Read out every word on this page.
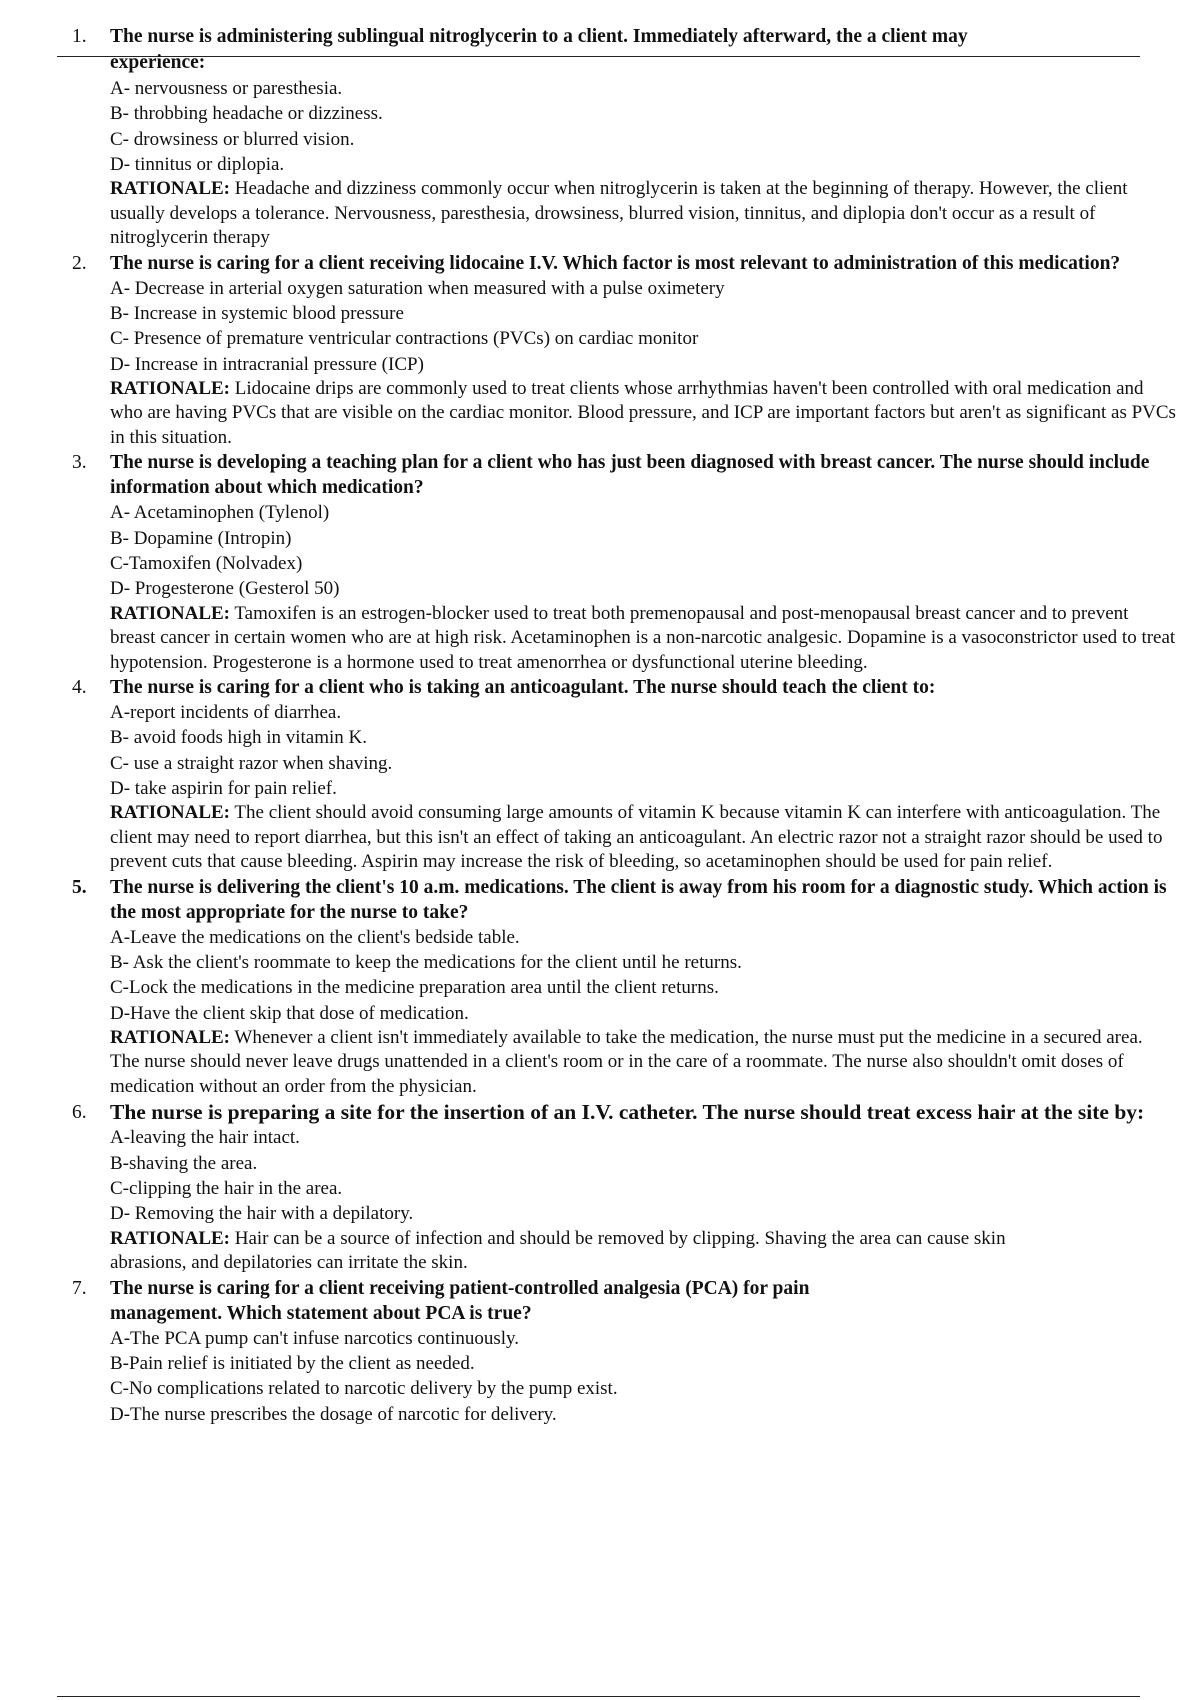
1. The nurse is administering sublingual nitroglycerin to a client. Immediately afterward, the a client may experience:
A- nervousness or paresthesia.
B- throbbing headache or dizziness.
C- drowsiness or blurred vision.
D- tinnitus or diplopia.
RATIONALE: Headache and dizziness commonly occur when nitroglycerin is taken at the beginning of therapy. However, the client usually develops a tolerance. Nervousness, paresthesia, drowsiness, blurred vision, tinnitus, and diplopia don't occur as a result of nitroglycerin therapy
2. The nurse is caring for a client receiving lidocaine I.V. Which factor is most relevant to administration of this medication?
A- Decrease in arterial oxygen saturation when measured with a pulse oximetery
B- Increase in systemic blood pressure
C- Presence of premature ventricular contractions (PVCs) on cardiac monitor
D- Increase in intracranial pressure (ICP)
RATIONALE: Lidocaine drips are commonly used to treat clients whose arrhythmias haven't been controlled with oral medication and who are having PVCs that are visible on the cardiac monitor. Blood pressure, and ICP are important factors but aren't as significant as PVCs in this situation.
3. The nurse is developing a teaching plan for a client who has just been diagnosed with breast cancer. The nurse should include information about which medication?
A- Acetaminophen (Tylenol)
B- Dopamine (Intropin)
C-Tamoxifen (Nolvadex)
D- Progesterone (Gesterol 50)
RATIONALE: Tamoxifen is an estrogen-blocker used to treat both premenopausal and post-menopausal breast cancer and to prevent breast cancer in certain women who are at high risk. Acetaminophen is a non-narcotic analgesic. Dopamine is a vasoconstrictor used to treat hypotension. Progesterone is a hormone used to treat amenorrhea or dysfunctional uterine bleeding.
4. The nurse is caring for a client who is taking an anticoagulant. The nurse should teach the client to:
A-report incidents of diarrhea.
B- avoid foods high in vitamin K.
C- use a straight razor when shaving.
D- take aspirin for pain relief.
RATIONALE: The client should avoid consuming large amounts of vitamin K because vitamin K can interfere with anticoagulation. The client may need to report diarrhea, but this isn't an effect of taking an anticoagulant. An electric razor not a straight razor should be used to prevent cuts that cause bleeding. Aspirin may increase the risk of bleeding, so acetaminophen should be used for pain relief.
5. The nurse is delivering the client's 10 a.m. medications. The client is away from his room for a diagnostic study. Which action is the most appropriate for the nurse to take?
A-Leave the medications on the client's bedside table.
B- Ask the client's roommate to keep the medications for the client until he returns.
C-Lock the medications in the medicine preparation area until the client returns.
D-Have the client skip that dose of medication.
RATIONALE: Whenever a client isn't immediately available to take the medication, the nurse must put the medicine in a secured area. The nurse should never leave drugs unattended in a client's room or in the care of a roommate. The nurse also shouldn't omit doses of medication without an order from the physician.
6. The nurse is preparing a site for the insertion of an I.V. catheter. The nurse should treat excess hair at the site by:
A-leaving the hair intact.
B-shaving the area.
C-clipping the hair in the area.
D- Removing the hair with a depilatory.
RATIONALE: Hair can be a source of infection and should be removed by clipping. Shaving the area can cause skin abrasions, and depilatories can irritate the skin.
7. The nurse is caring for a client receiving patient-controlled analgesia (PCA) for pain management. Which statement about PCA is true?
A-The PCA pump can't infuse narcotics continuously.
B-Pain relief is initiated by the client as needed.
C-No complications related to narcotic delivery by the pump exist.
D-The nurse prescribes the dosage of narcotic for delivery.
